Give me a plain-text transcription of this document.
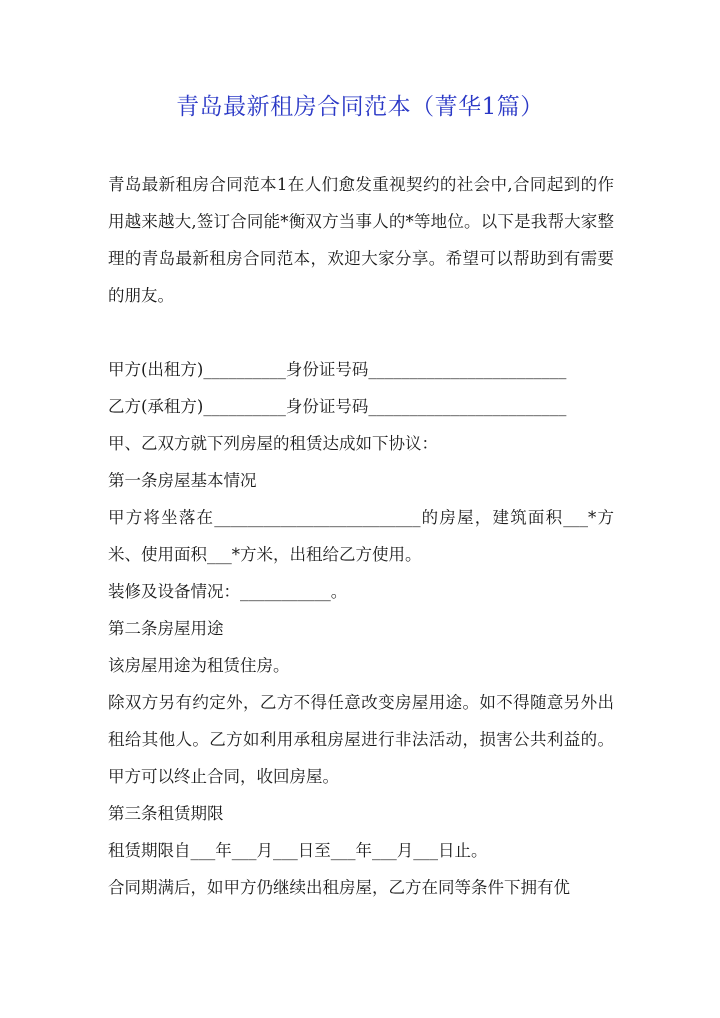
青岛最新租房合同范本（菁华1篇）

青岛最新租房合同范本1在人们愈发重视契约的社会中,合同起到的作用越来越大,签订合同能*衡双方当事人的*等地位。以下是我帮大家整理的青岛最新租房合同范本，欢迎大家分享。希望可以帮助到有需要的朋友。

甲方(出租方)__________身份证号码________________________

乙方(承租方)__________身份证号码________________________

甲、乙双方就下列房屋的租赁达成如下协议：

第一条房屋基本情况

甲方将坐落在_________________________的房屋，建筑面积___*方米、使用面积___*方米，出租给乙方使用。

装修及设备情况：___________。

第二条房屋用途

该房屋用途为租赁住房。

除双方另有约定外，乙方不得任意改变房屋用途。如不得随意另外出租给其他人。乙方如利用承租房屋进行非法活动，损害公共利益的。甲方可以终止合同，收回房屋。

第三条租赁期限

租赁期限自___年___月___日至___年___月___日止。

合同期满后，如甲方仍继续出租房屋，乙方在同等条件下拥有优
